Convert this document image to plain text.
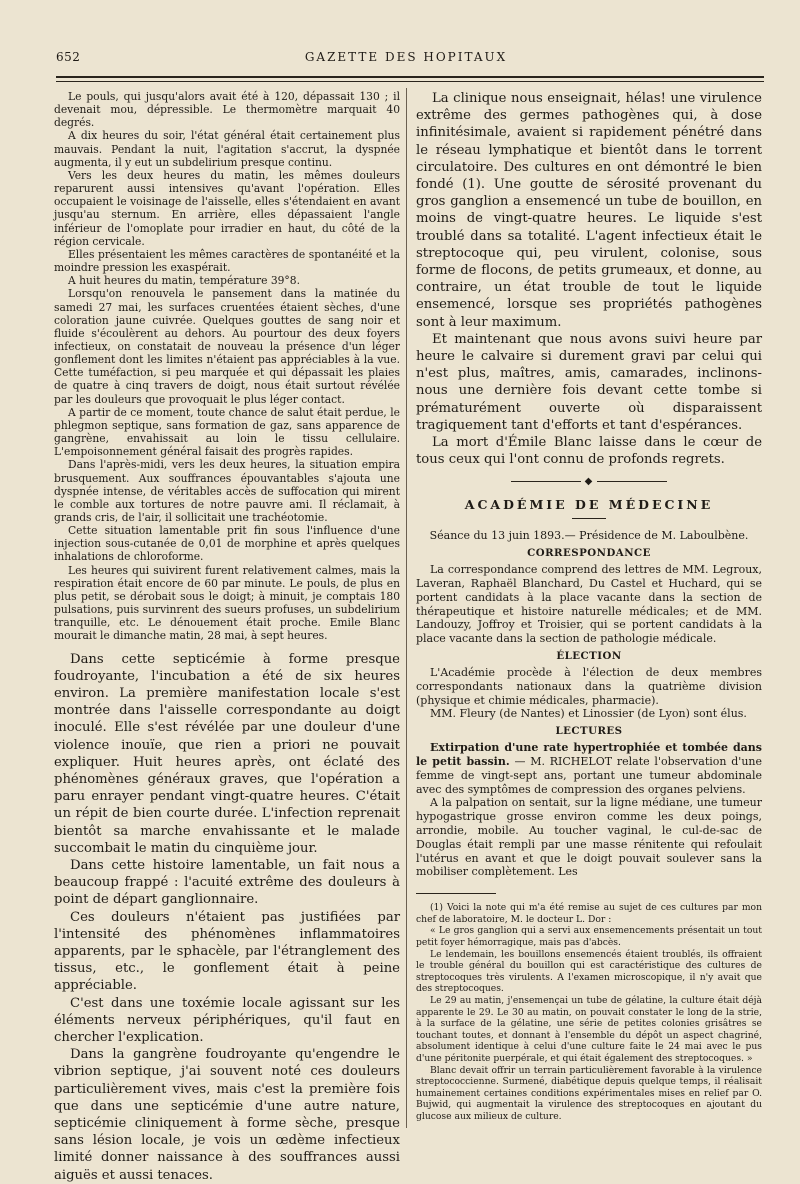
652	GAZETTE DES HOPITAUX

Le pouls, qui jusqu'alors avait été à 120, dépassait 130 ; il devenait mou, dépressible. Le thermomètre marquait 40 degrés.

A dix heures du soir, l'état général était certainement plus mauvais. Pendant la nuit, l'agitation s'accrut, la dyspnée augmenta, il y eut un subdelirium presque continu.

Vers les deux heures du matin, les mêmes douleurs reparurent aussi intensives qu'avant l'opération. Elles occupaient le voisinage de l'aisselle, elles s'étendaient en avant jusqu'au sternum. En arrière, elles dépassaient l'angle inférieur de l'omoplate pour irradier en haut, du côté de la région cervicale.

Elles présentaient les mêmes caractères de spontanéité et la moindre pression les exaspérait.

A huit heures du matin, température 39°8.

Lorsqu'on renouvela le pansement dans la matinée du samedi 27 mai, les surfaces cruentées étaient sèches, d'une coloration jaune cuivrée. Quelques gouttes de sang noir et fluide s'écoulèrent au dehors. Au pourtour des deux foyers infectieux, on constatait de nouveau la présence d'un léger gonflement dont les limites n'étaient pas appréciables à la vue. Cette tuméfaction, si peu marquée et qui dépassait les plaies de quatre à cinq travers de doigt, nous était surtout révélée par les douleurs que provoquait le plus léger contact.

A partir de ce moment, toute chance de salut était perdue, le phlegmon septique, sans formation de gaz, sans apparence de gangrène, envahissait au loin le tissu cellulaire. L'empoisonnement général faisait des progrès rapides.

Dans l'après-midi, vers les deux heures, la situation empira brusquement. Aux souffrances épouvantables s'ajouta une dyspnée intense, de véritables accès de suffocation qui mirent le comble aux tortures de notre pauvre ami. Il réclamait, à grands cris, de l'air, il sollicitait une trachéotomie.

Cette situation lamentable prit fin sous l'influence d'une injection sous-cutanée de 0,01 de morphine et après quelques inhalations de chloroforme.

Les heures qui suivirent furent relativement calmes, mais la respiration était encore de 60 par minute. Le pouls, de plus en plus petit, se dérobait sous le doigt; à minuit, je comptais 180 pulsations, puis survinrent des sueurs profuses, un subdelirium tranquille, etc. Le dénouement était proche. Emile Blanc mourait le dimanche matin, 28 mai, à sept heures.

Dans cette septicémie à forme presque foudroyante, l'incubation a été de six heures environ. La première manifestation locale s'est montrée dans l'aisselle correspondante au doigt inoculé. Elle s'est révélée par une douleur d'une violence inouïe, que rien a priori ne pouvait expliquer. Huit heures après, ont éclaté des phénomènes généraux graves, que l'opération a paru enrayer pendant vingt-quatre heures. C'était un répit de bien courte durée. L'infection reprenait bientôt sa marche envahissante et le malade succombait le matin du cinquième jour.

Dans cette histoire lamentable, un fait nous a beaucoup frappé : l'acuité extrême des douleurs à point de départ ganglionnaire.

Ces douleurs n'étaient pas justifiées par l'intensité des phénomènes inflammatoires apparents, par le sphacèle, par l'étranglement des tissus, etc., le gonflement était à peine appréciable.

C'est dans une toxémie locale agissant sur les éléments nerveux périphériques, qu'il faut en chercher l'explication.

Dans la gangrène foudroyante qu'engendre le vibrion septique, j'ai souvent noté ces douleurs particulièrement vives, mais c'est la première fois que dans une septicémie d'une autre nature, septicémie cliniquement à forme sèche, presque sans lésion locale, je vois un œdème infectieux limité donner naissance à des souffrances aussi aiguës et aussi tenaces.

La clinique nous enseignait, hélas! une virulence extrême des germes pathogènes qui, à dose infinitésimale, avaient si rapidement pénétré dans le réseau lymphatique et bientôt dans le torrent circulatoire. Des cultures en ont démontré le bien fondé (1). Une goutte de sérosité provenant du gros ganglion a ensemencé un tube de bouillon, en moins de vingt-quatre heures. Le liquide s'est troublé dans sa totalité. L'agent infectieux était le streptocoque qui, peu virulent, colonise, sous forme de flocons, de petits grumeaux, et donne, au contraire, un état trouble de tout le liquide ensemencé, lorsque ses propriétés pathogènes sont à leur maximum.

Et maintenant que nous avons suivi heure par heure le calvaire si durement gravi par celui qui n'est plus, maîtres, amis, camarades, inclinons-nous une dernière fois devant cette tombe si prématurément ouverte où disparaissent tragiquement tant d'efforts et tant d'espérances.

La mort d'Émile Blanc laisse dans le cœur de tous ceux qui l'ont connu de profonds regrets.

◆
ACADÉMIE DE MÉDECINE

Séance du 13 juin 1893.— Présidence de M. Laboulbène.

CORRESPONDANCE

La correspondance comprend des lettres de MM. Legroux, Laveran, Raphaël Blanchard, Du Castel et Huchard, qui se portent candidats à la place vacante dans la section de thérapeutique et histoire naturelle médicales; et de MM. Landouzy, Joffroy et Troisier, qui se portent candidats à la place vacante dans la section de pathologie médicale.

ÉLECTION

L'Académie procède à l'élection de deux membres correspondants nationaux dans la quatrième division (physique et chimie médicales, pharmacie).

MM. Fleury (de Nantes) et Linossier (de Lyon) sont élus.

LECTURES

Extirpation d'une rate hypertrophiée et tombée dans le petit bassin. — M. RICHELOT relate l'observation d'une femme de vingt-sept ans, portant une tumeur abdominale avec des symptômes de compression des organes pelviens.

A la palpation on sentait, sur la ligne médiane, une tumeur hypogastrique grosse environ comme les deux poings, arrondie, mobile. Au toucher vaginal, le cul-de-sac de Douglas était rempli par une masse rénitente qui refoulait l'utérus en avant et que le doigt pouvait soulever sans la mobiliser complètement. Les

(1) Voici la note qui m'a été remise au sujet de ces cultures par mon chef de laboratoire, M. le docteur L. Dor :

« Le gros ganglion qui a servi aux ensemencements présentait un tout petit foyer hémorragique, mais pas d'abcès.

Le lendemain, les bouillons ensemencés étaient troublés, ils offraient le trouble général du bouillon qui est caractéristique des cultures de streptocoques très virulents. A l'examen microscopique, il n'y avait que des streptocoques.

Le 29 au matin, j'ensemençai un tube de gélatine, la culture était déjà apparente le 29. Le 30 au matin, on pouvait constater le long de la strie, à la surface de la gélatine, une série de petites colonies grisâtres se touchant toutes, et donnant à l'ensemble du dépôt un aspect chagriné, absolument identique à celui d'une culture faite le 24 mai avec le pus d'une péritonite puerpérale, et qui était également des streptocoques. »

Blanc devait offrir un terrain particulièrement favorable à la virulence streptococcienne. Surmené, diabétique depuis quelque temps, il réalisait humainement certaines conditions expérimentales mises en relief par O. Bujwid, qui augmentait la virulence des streptocoques en ajoutant du glucose aux milieux de culture.
